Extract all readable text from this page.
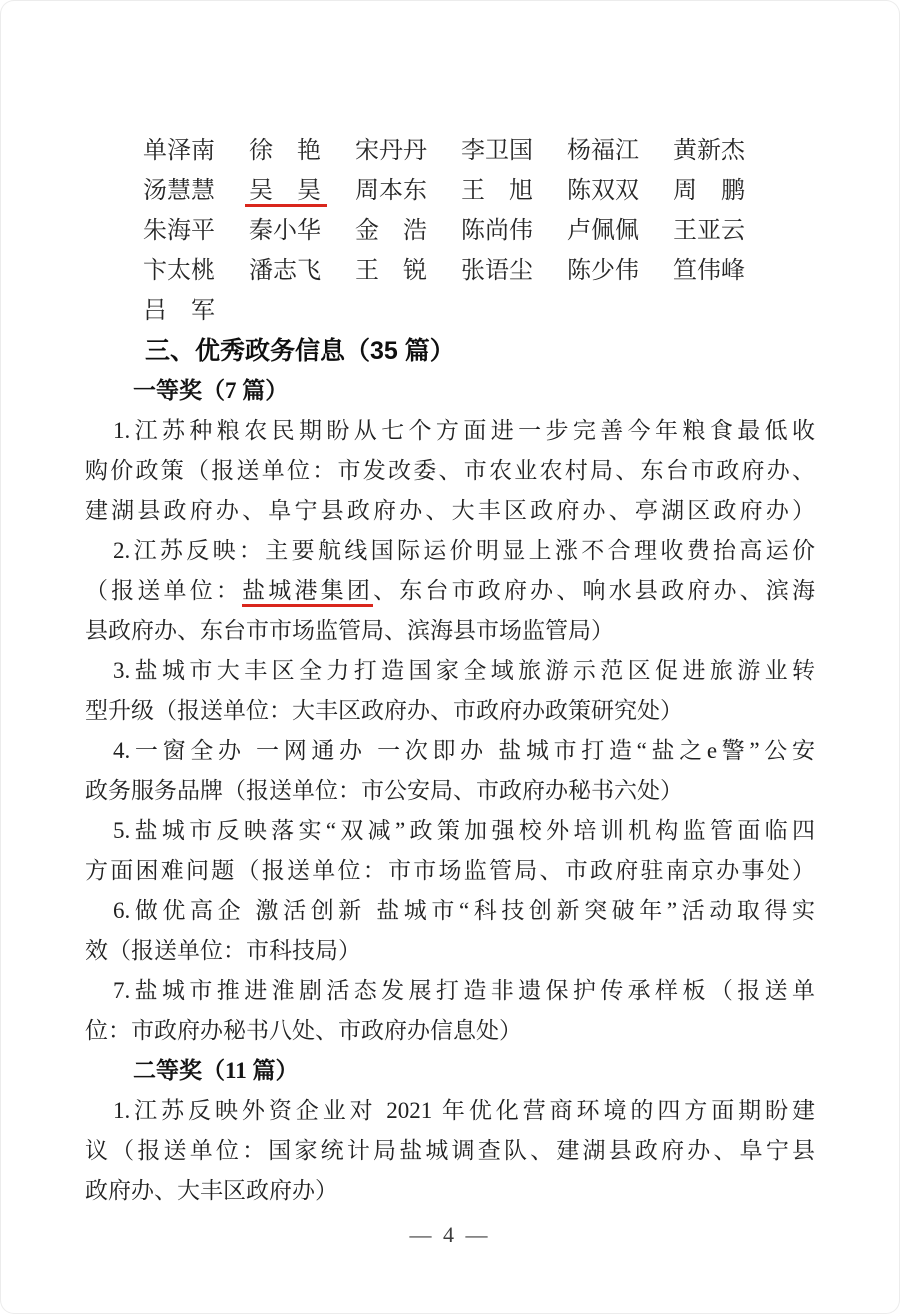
单泽南 徐　艳 宋丹丹 李卫国 杨福江 黄新杰
汤慧慧 吴　昊 周本东 王　旭 陈双双 周　鹏
朱海平 秦小华 金　浩 陈尚伟 卢佩佩 王亚云
卞太桃 潘志飞 王　锐 张语尘 陈少伟 笪伟峰
吕　军
三、优秀政务信息（35 篇）
一等奖（7 篇）
1.江苏种粮农民期盼从七个方面进一步完善今年粮食最低收
购价政策（报送单位：市发改委、市农业农村局、东台市政府办、
建湖县政府办、阜宁县政府办、大丰区政府办、亭湖区政府办）
2.江苏反映：主要航线国际运价明显上涨不合理收费抬高运价
（报送单位：盐城港集团、东台市政府办、响水县政府办、滨海
县政府办、东台市市场监管局、滨海县市场监管局）
3.盐城市大丰区全力打造国家全域旅游示范区促进旅游业转
型升级（报送单位：大丰区政府办、市政府办政策研究处）
4.一窗全办 一网通办 一次即办 盐城市打造“盐之e警”公安
政务服务品牌（报送单位：市公安局、市政府办秘书六处）
5.盐城市反映落实“双减”政策加强校外培训机构监管面临四
方面困难问题（报送单位：市市场监管局、市政府驻南京办事处）
6.做优高企 激活创新 盐城市“科技创新突破年”活动取得实
效（报送单位：市科技局）
7.盐城市推进淮剧活态发展打造非遗保护传承样板（报送单
位：市政府办秘书八处、市政府办信息处）
二等奖（11 篇）
1.江苏反映外资企业对 2021 年优化营商环境的四方面期盼建
议（报送单位：国家统计局盐城调查队、建湖县政府办、阜宁县
政府办、大丰区政府办）
— 4 —
